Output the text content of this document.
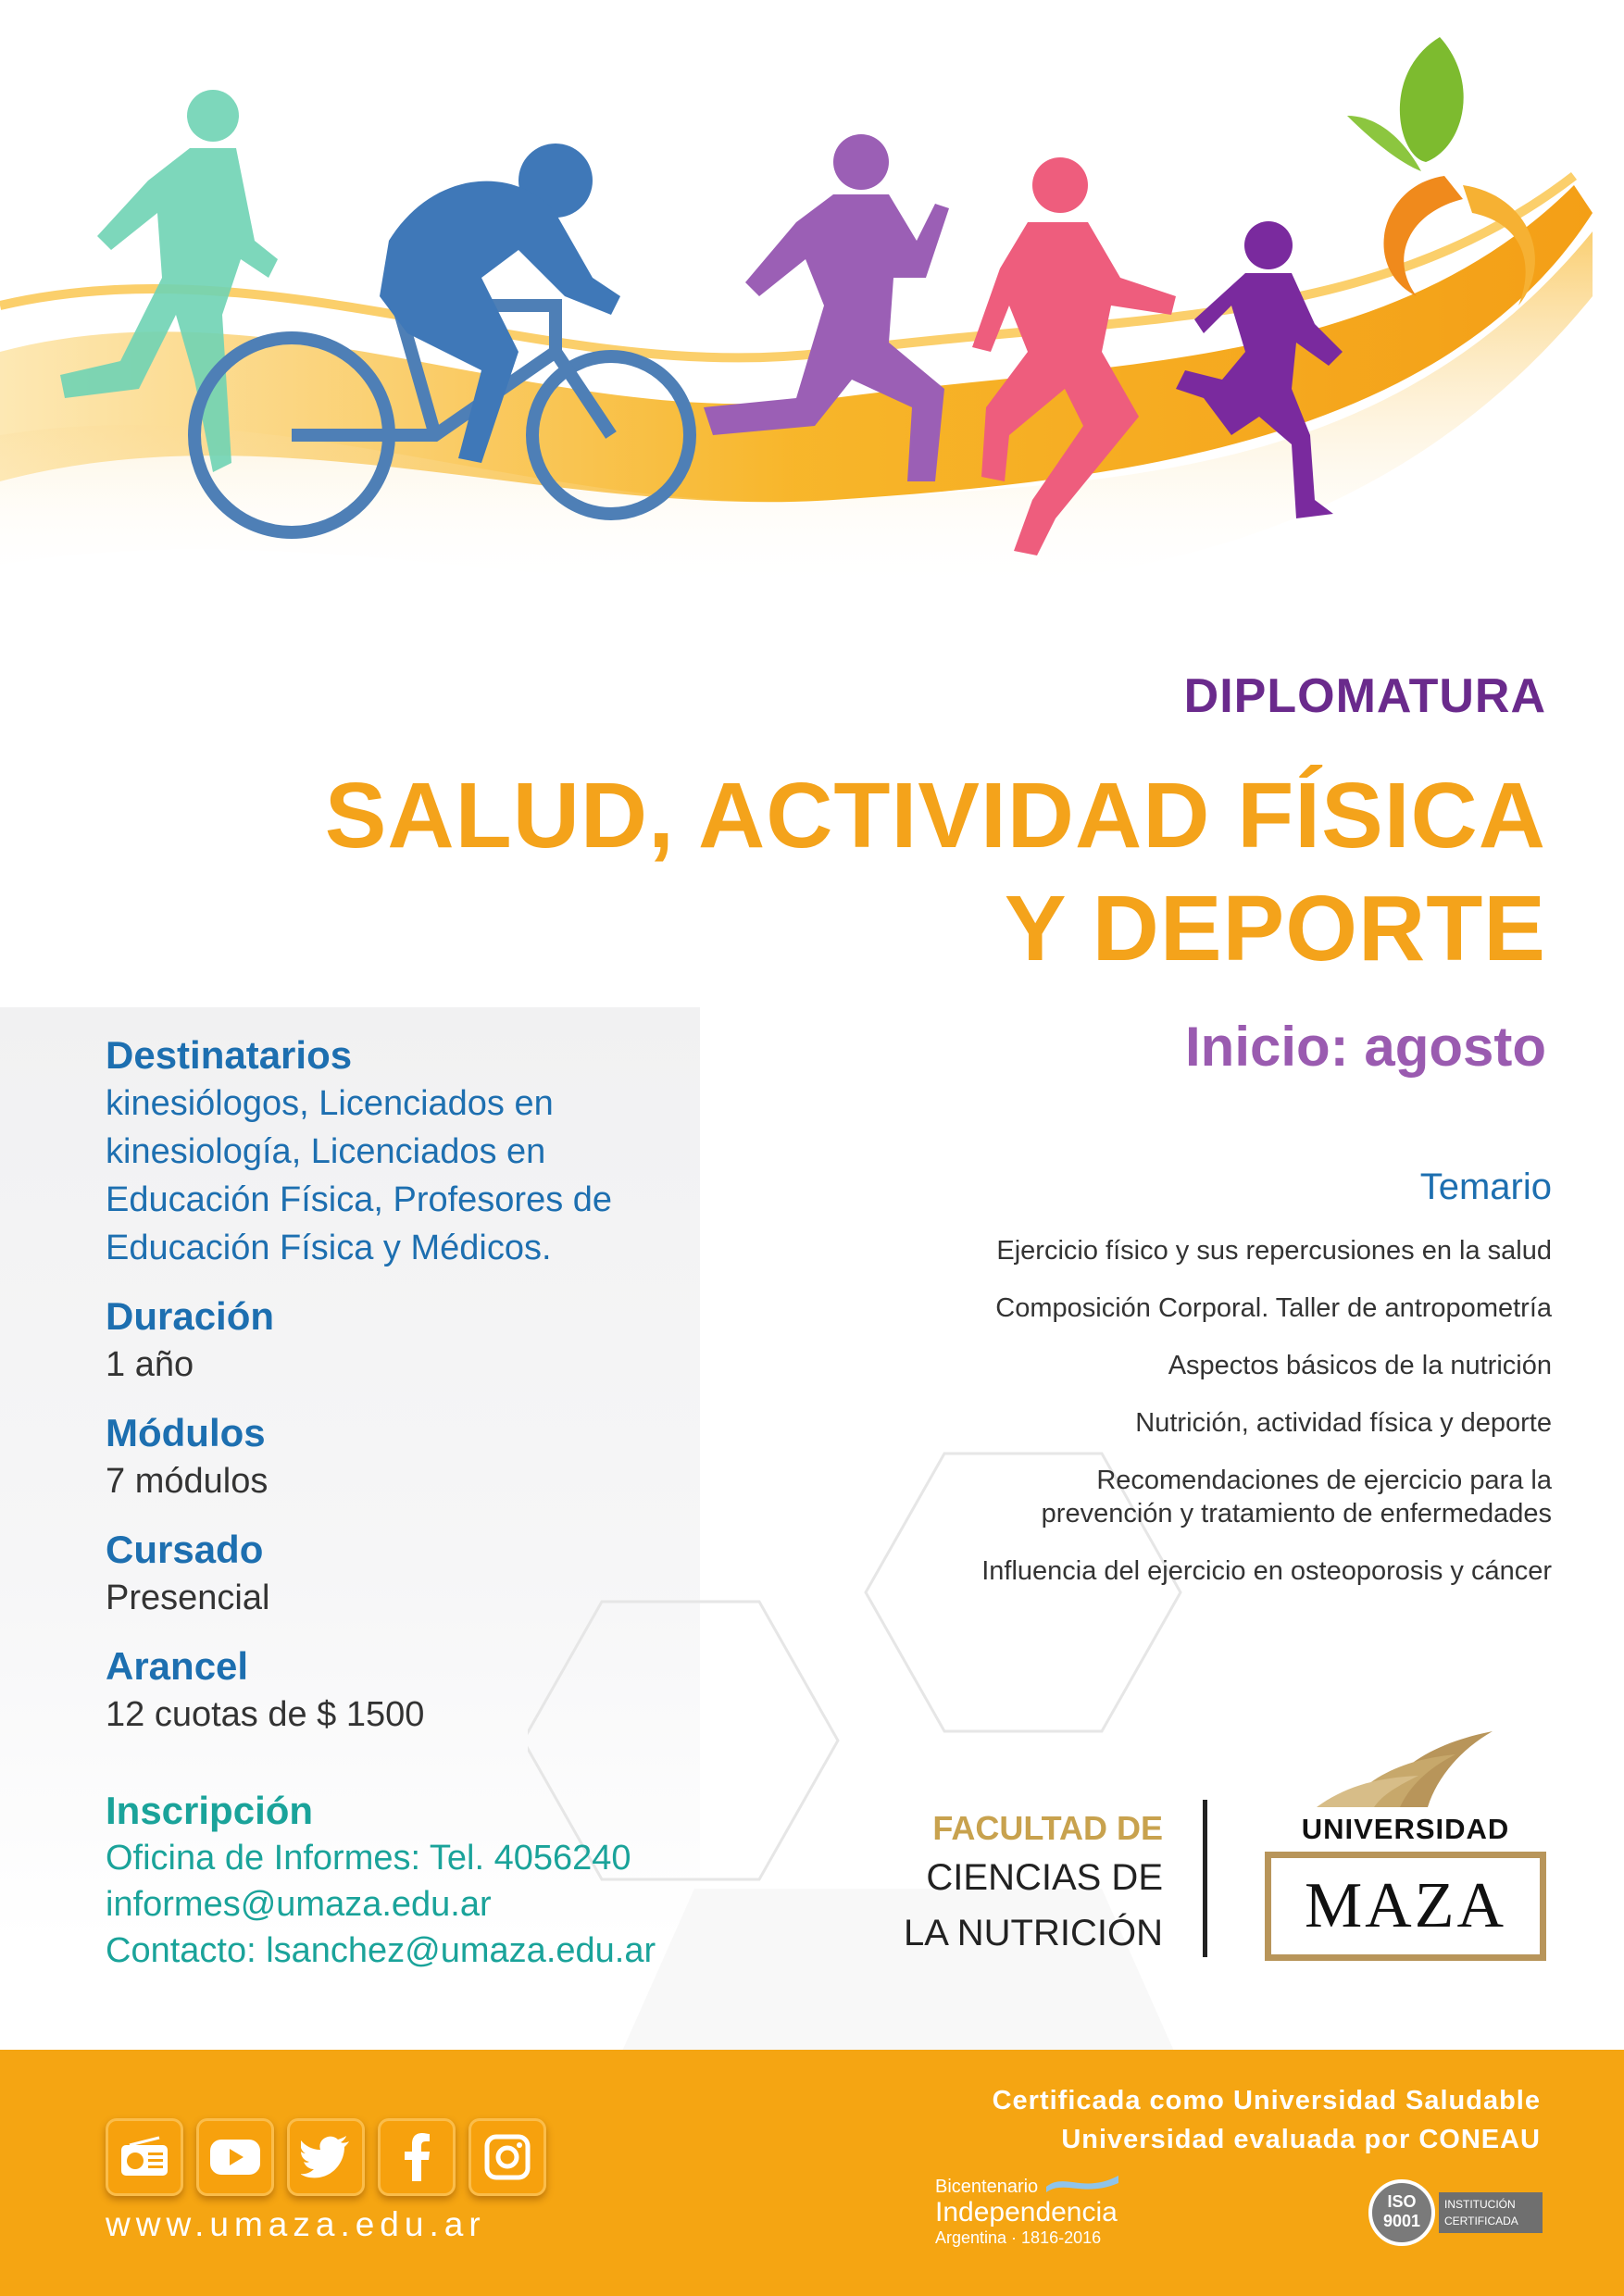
DIPLOMATURA
SALUD, ACTIVIDAD FÍSICA
Y DEPORTE
Inicio: agosto
Destinatarios
kinesiólogos, Licenciados en
kinesiología, Licenciados en
Educación Física, Profesores de
Educación Física y Médicos.
Duración
1 año
Módulos
7 módulos
Cursado
Presencial
Arancel
12 cuotas de $ 1500
Inscripción
Oficina de Informes: Tel. 4056240
informes@umaza.edu.ar
Contacto: lsanchez@umaza.edu.ar
Temario
Ejercicio físico y sus repercusiones en la salud
Composición Corporal. Taller de antropometría
Aspectos básicos de la nutrición
Nutrición, actividad física y deporte
Recomendaciones de ejercicio para la
prevención y tratamiento de enfermedades
Influencia del ejercicio en osteoporosis y cáncer
FACULTAD DE
CIENCIAS DE
LA NUTRICIÓN
UNIVERSIDAD
MAZA
www.umaza.edu.ar
Certificada como Universidad Saludable
Universidad evaluada por CONEAU
Bicentenario
Independencia
Argentina · 1816-2016
ISO
9001
INSTITUCIÓN
CERTIFICADA
